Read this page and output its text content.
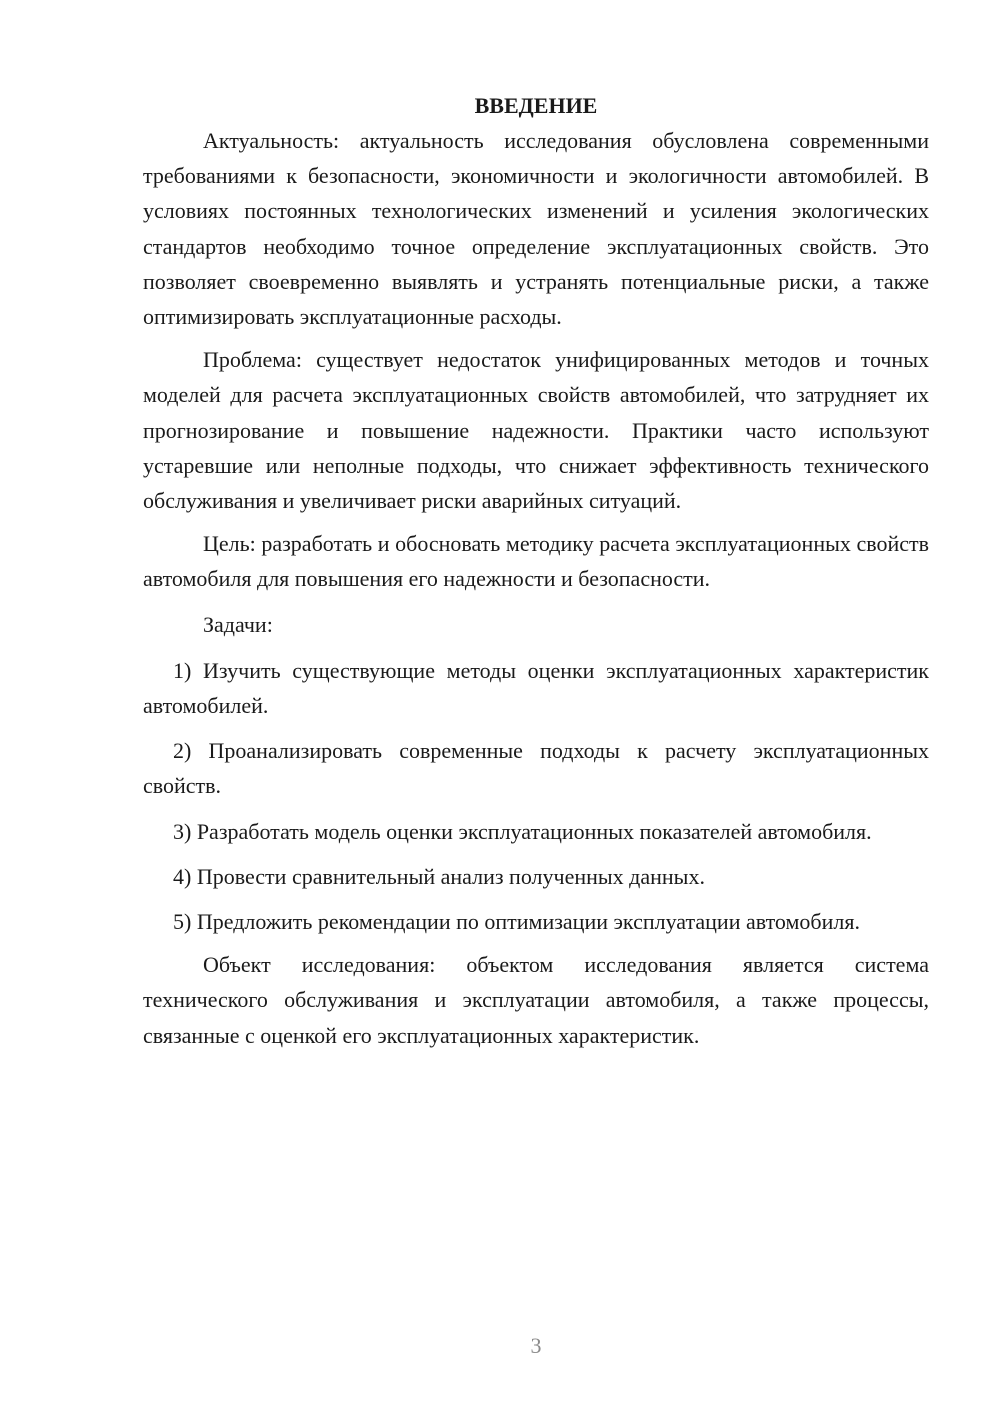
ВВЕДЕНИЕ

Актуальность: актуальность исследования обусловлена современными требованиями к безопасности, экономичности и экологичности автомобилей. В условиях постоянных технологических изменений и усиления экологических стандартов необходимо точное определение эксплуатационных свойств. Это позволяет своевременно выявлять и устранять потенциальные риски, а также оптимизировать эксплуатационные расходы.

Проблема: существует недостаток унифицированных методов и точных моделей для расчета эксплуатационных свойств автомобилей, что затрудняет их прогнозирование и повышение надежности. Практики часто используют устаревшие или неполные подходы, что снижает эффективность технического обслуживания и увеличивает риски аварийных ситуаций.

Цель: разработать и обосновать методику расчета эксплуатационных свойств автомобиля для повышения его надежности и безопасности.

Задачи:

1) Изучить существующие методы оценки эксплуатационных характеристик автомобилей.

2) Проанализировать современные подходы к расчету эксплуатационных свойств.

3) Разработать модель оценки эксплуатационных показателей автомобиля.

4) Провести сравнительный анализ полученных данных.

5) Предложить рекомендации по оптимизации эксплуатации автомобиля.

Объект исследования: объектом исследования является система технического обслуживания и эксплуатации автомобиля, а также процессы, связанные с оценкой его эксплуатационных характеристик.

3
